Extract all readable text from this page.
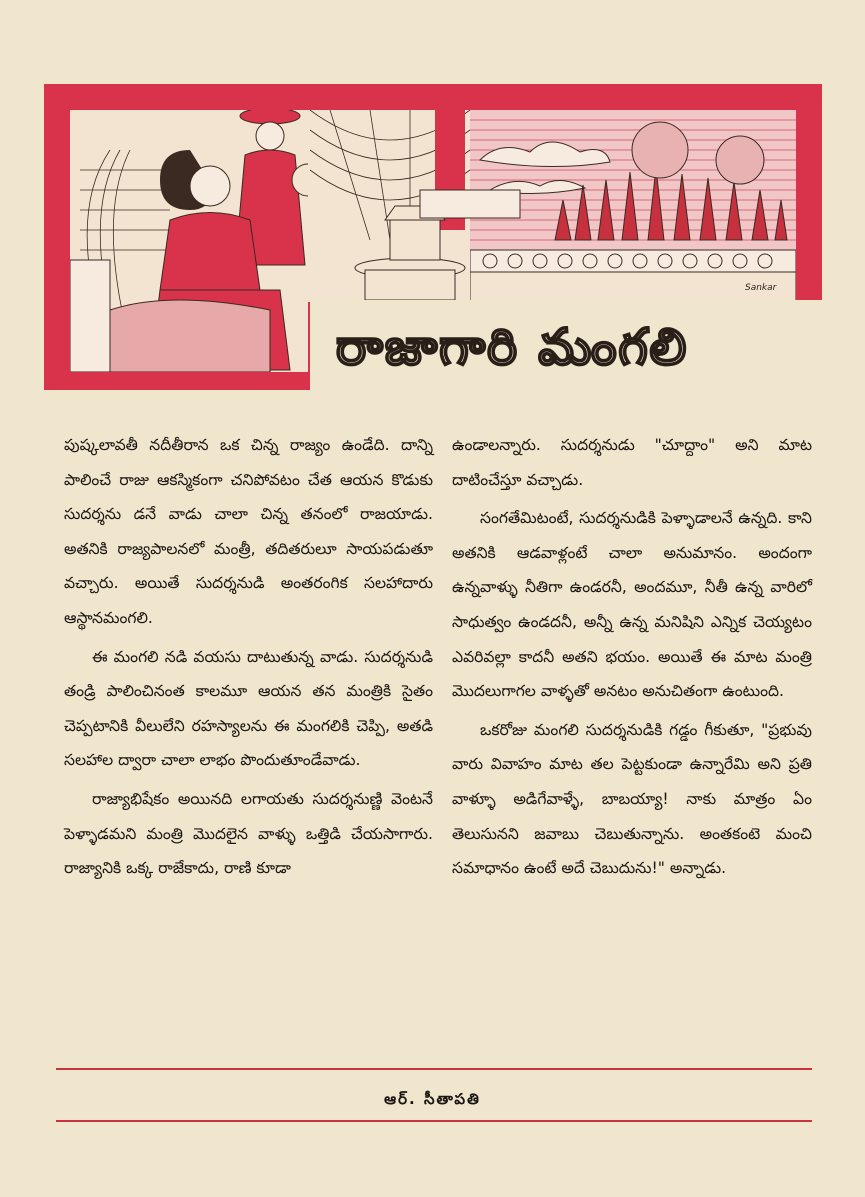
రాజాగారి మంగలి
Sankar

పుష్కలావతీ నదీతీరాన ఒక చిన్న రాజ్యం ఉండేది. దాన్ని పాలించే రాజు ఆకస్మికంగా చనిపోవటం చేత ఆయన కొడుకు సుదర్శను డనే వాడు చాలా చిన్న తనంలో రాజయాడు. అతనికి రాజ్యపాలనలో మంత్రీ, తదితరులూ సాయపడుతూ వచ్చారు. అయితే సుదర్శనుడి అంతరంగిక సలహాదారు ఆస్థానమంగలి.

ఈ మంగలి నడి వయసు దాటుతున్న వాడు. సుదర్శనుడి తండ్రి పాలించినంత కాలమూ ఆయన తన మంత్రికి సైతం చెప్పటానికి వీలులేని రహస్యాలను ఈ మంగలికి చెప్పి, అతడి సలహాల ద్వారా చాలా లాభం పొందుతూండేవాడు.

రాజ్యాభిషేకం అయినది లగాయతు సుదర్శనుణ్ణి వెంటనే పెళ్ళాడమని మంత్రి మొదలైన వాళ్ళు ఒత్తిడి చేయసాగారు. రాజ్యానికి ఒక్క రాజేకాదు, రాణి కూడా

ఉండాలన్నారు. సుదర్శనుడు "చూద్దాం" అని మాట దాటించేస్తూ వచ్చాడు.

సంగతేమిటంటే, సుదర్శనుడికి పెళ్ళాడాలనే ఉన్నది. కాని అతనికి ఆడవాళ్లంటే చాలా అనుమానం. అందంగా ఉన్నవాళ్ళు నీతిగా ఉండరనీ, అందమూ, నీతీ ఉన్న వారిలో సాధుత్వం ఉండదనీ, అన్నీ ఉన్న మనిషిని ఎన్నిక చెయ్యటం ఎవరివల్లా కాదనీ అతని భయం. అయితే ఈ మాట మంత్రి మొదలుగాగల వాళ్ళతో అనటం అనుచితంగా ఉంటుంది.

ఒకరోజు మంగలి సుదర్శనుడికి గడ్డం గీకుతూ, "ప్రభువు వారు వివాహం మాట తల పెట్టకుండా ఉన్నారేమి అని ప్రతి వాళ్ళూ అడిగేవాళ్ళే, బాబయ్యా! నాకు మాత్రం ఏం తెలుసునని జవాబు చెబుతున్నాను. అంతకంటె మంచి సమాధానం ఉంటే అదే చెబుదును!" అన్నాడు.

ఆర్. సీతాపతి
